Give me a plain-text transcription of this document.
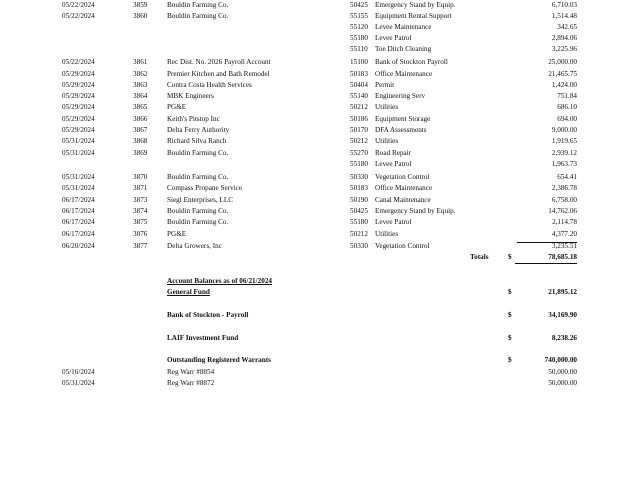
05/22/2024	3859	Bouldin Farming Co.	50425 Emergency Stand by Equip.	6,710.03
05/22/2024	3860	Bouldin Farming Co.	55155 Equipment Rental Support	1,514.48
55120 Levee Maintenance	342.65
55180 Levee Patrol	2,894.06
55110 Toe Ditch Cleaning	3,225.96
05/22/2024	3861	Rec Dist. No. 2026 Payroll Account	15100 Bank of Stockton Payroll	25,000.00
05/29/2024	3862	Premier Kitchen and Bath Remodel	50183 Office Maintenance	21,465.75
05/29/2024	3863	Contra Costa Health Services	50404 Permit	1,424.00
05/29/2024	3864	MBK Engineers	55140 Engineering Serv	751.84
05/29/2024	3865	PG&E	50212 Utilities	686.10
05/29/2024	3866	Keith's Pitstop Inc	50186 Equipment Storage	694.00
05/29/2024	3867	Delta Ferry Authority	50170 DFA Assessments	9,000.00
05/31/2024	3868	Richard Silva Ranch	50212 Utilities	1,919.65
05/31/2024	3869	Bouldin Farming Co.	55270 Road Repair	2,939.12
55180 Levee Patrol	1,963.73
05/31/2024	3870	Bouldin Farming Co.	50330 Vegetation Control	654.41
05/31/2024	3871	Compass Propane Service	50183 Office Maintenance	2,386.78
06/17/2024	3873	Siegl Enterprises, LLC	50190 Canal Maintenance	6,758.00
06/17/2024	3874	Bouldin Farming Co.	50425 Emergency Stand by Equip.	14,762.06
06/17/2024	3875	Bouldin Farming Co.	55180 Levee Patrol	2,114.78
06/17/2024	3876	PG&E	50212 Utilities	4,377.20
06/20/2024	3877	Delta Growers, Inc	50330 Vegetation Control	3,235.51
Totals	$	78,685.18
Account Balances as of 06/21/2024
General Fund	$	21,895.12
Bank of Stockton - Payroll	$	34,169.90
LAIF Investment Fund	$	8,238.26
Outstanding Registered Warrants	$	740,000.00
05/16/2024	Reg Warr #8854	50,000.00
05/31/2024	Reg Warr #8872	50,000.00
